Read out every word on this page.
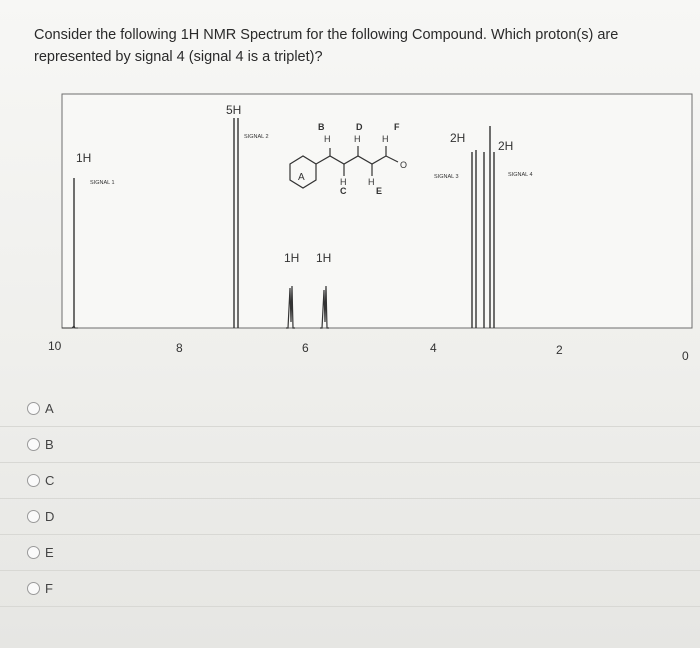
Consider the following 1H NMR Spectrum for the following Compound. Which proton(s) are represented by signal 4 (signal 4 is a triplet)?
1H
SIGNAL 1
5H
SIGNAL 2
1H 1H
2H
SIGNAL 3
2H
SIGNAL 4
A
B
C
D
E
F
H	H H
H H
O
10	8	6	4	2	0
A
B
C
D
E
F
